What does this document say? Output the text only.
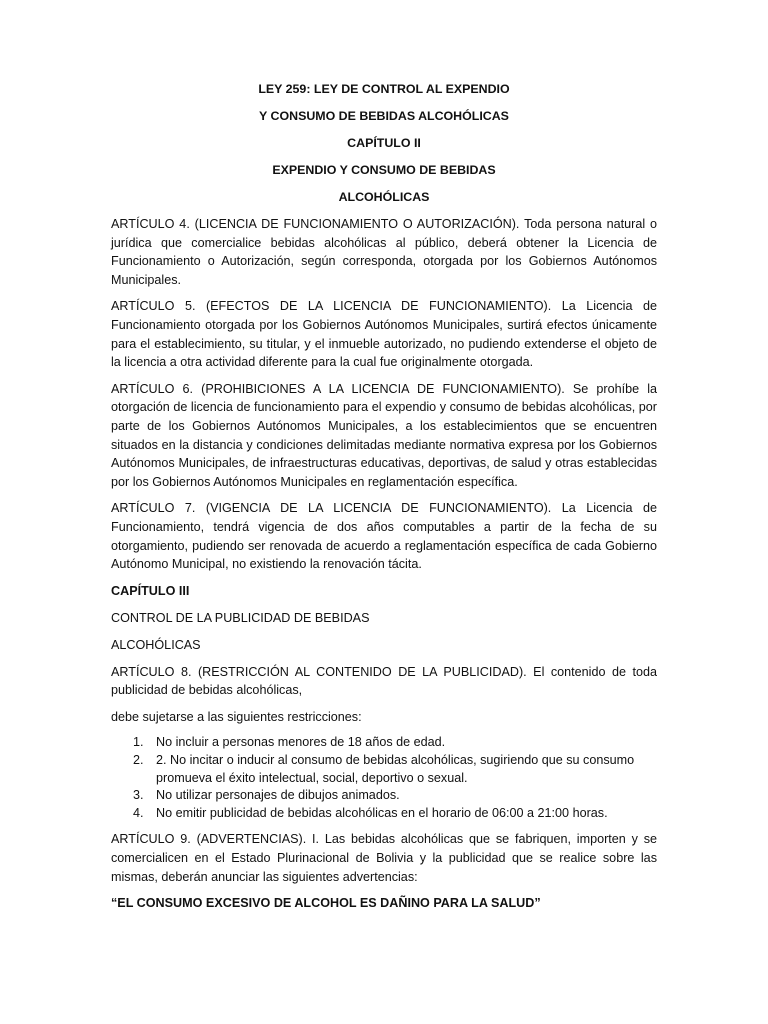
LEY 259: LEY DE CONTROL AL EXPENDIO
Y CONSUMO DE BEBIDAS ALCOHÓLICAS
CAPÍTULO II
EXPENDIO Y CONSUMO DE BEBIDAS
ALCOHÓLICAS

ARTÍCULO 4. (LICENCIA DE FUNCIONAMIENTO O AUTORIZACIÓN). Toda persona natural o jurídica que comercialice bebidas alcohólicas al público, deberá obtener la Licencia de Funcionamiento o Autorización, según corresponda, otorgada por los Gobiernos Autónomos Municipales.

ARTÍCULO 5. (EFECTOS DE LA LICENCIA DE FUNCIONAMIENTO). La Licencia de Funcionamiento otorgada por los Gobiernos Autónomos Municipales, surtirá efectos únicamente para el establecimiento, su titular, y el inmueble autorizado, no pudiendo extenderse el objeto de la licencia a otra actividad diferente para la cual fue originalmente otorgada.

ARTÍCULO 6. (PROHIBICIONES A LA LICENCIA DE FUNCIONAMIENTO). Se prohíbe la otorgación de licencia de funcionamiento para el expendio y consumo de bebidas alcohólicas, por parte de los Gobiernos Autónomos Municipales, a los establecimientos que se encuentren situados en la distancia y condiciones delimitadas mediante normativa expresa por los Gobiernos Autónomos Municipales, de infraestructuras educativas, deportivas, de salud y otras establecidas por los Gobiernos Autónomos Municipales en reglamentación específica.

ARTÍCULO 7. (VIGENCIA DE LA LICENCIA DE FUNCIONAMIENTO). La Licencia de Funcionamiento, tendrá vigencia de dos años computables a partir de la fecha de su otorgamiento, pudiendo ser renovada de acuerdo a reglamentación específica de cada Gobierno Autónomo Municipal, no existiendo la renovación tácita.

CAPÍTULO III
CONTROL DE LA PUBLICIDAD DE BEBIDAS
ALCOHÓLICAS

ARTÍCULO 8. (RESTRICCIÓN AL CONTENIDO DE LA PUBLICIDAD). El contenido de toda publicidad de bebidas alcohólicas,

debe sujetarse a las siguientes restricciones:

1. No incluir a personas menores de 18 años de edad.
2. 2. No incitar o inducir al consumo de bebidas alcohólicas, sugiriendo que su consumo promueva el éxito intelectual, social, deportivo o sexual.
3. No utilizar personajes de dibujos animados.
4. No emitir publicidad de bebidas alcohólicas en el horario de 06:00 a 21:00 horas.

ARTÍCULO 9. (ADVERTENCIAS). I. Las bebidas alcohólicas que se fabriquen, importen y se comercialicen en el Estado Plurinacional de Bolivia y la publicidad que se realice sobre las mismas, deberán anunciar las siguientes advertencias:

“EL CONSUMO EXCESIVO DE ALCOHOL ES DAÑINO PARA LA SALUD”
